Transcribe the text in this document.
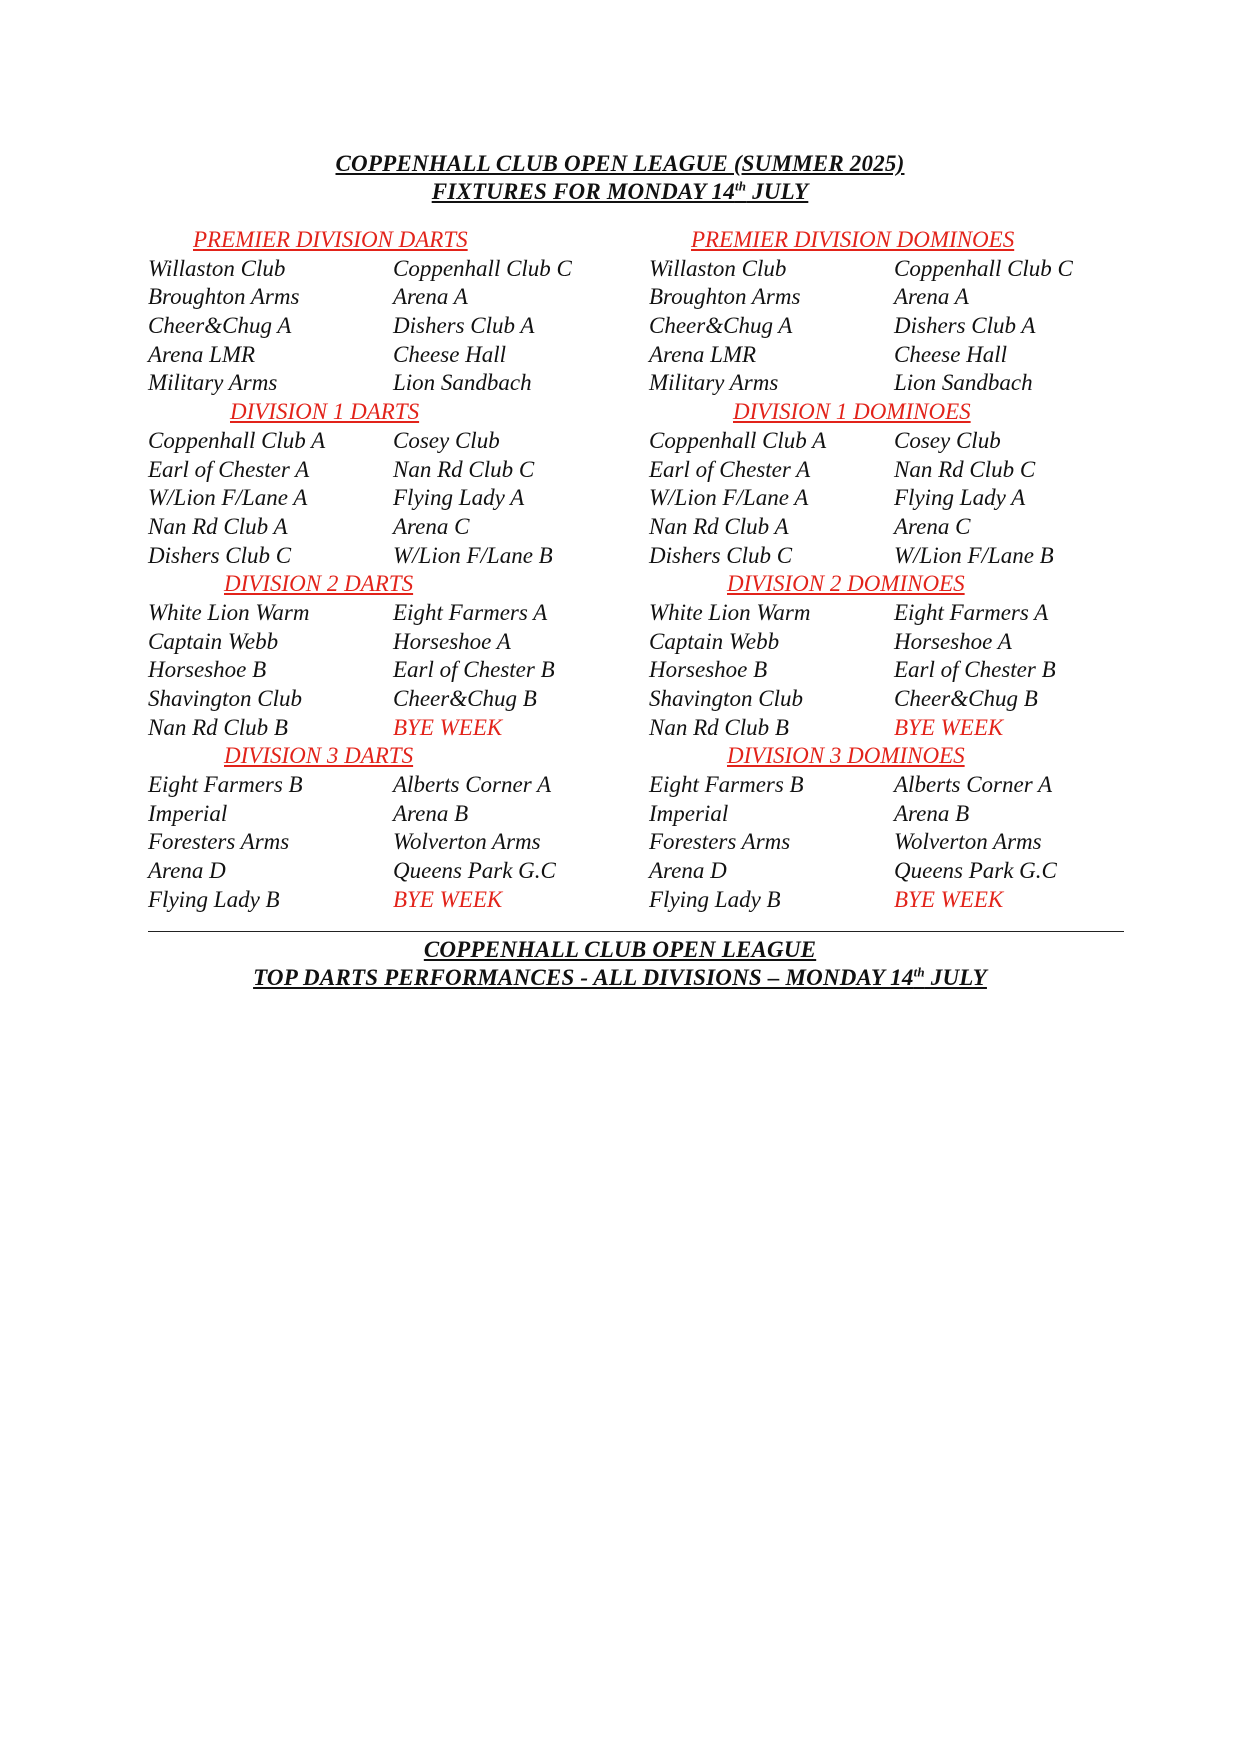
COPPENHALL CLUB OPEN LEAGUE (SUMMER 2025)
FIXTURES FOR MONDAY 14th JULY
PREMIER DIVISION DARTS
Willaston Club	Coppenhall Club C
Broughton Arms	Arena A
Cheer&Chug A	Dishers Club A
Arena LMR	Cheese Hall
Military Arms	Lion Sandbach
DIVISION 1 DARTS
Coppenhall Club A	Cosey Club
Earl of Chester A	Nan Rd Club C
W/Lion F/Lane A	Flying Lady A
Nan Rd Club A	Arena C
Dishers Club C	W/Lion F/Lane B
DIVISION 2 DARTS
White Lion Warm	Eight Farmers A
Captain Webb	Horseshoe A
Horseshoe B	Earl of Chester B
Shavington Club	Cheer&Chug B
Nan Rd Club B	BYE WEEK
DIVISION 3 DARTS
Eight Farmers B	Alberts Corner A
Imperial	Arena B
Foresters Arms	Wolverton Arms
Arena D	Queens Park G.C
Flying Lady B	BYE WEEK
PREMIER DIVISION DOMINOES
Willaston Club	Coppenhall Club C
Broughton Arms	Arena A
Cheer&Chug A	Dishers Club A
Arena LMR	Cheese Hall
Military Arms	Lion Sandbach
DIVISION 1 DOMINOES
Coppenhall Club A	Cosey Club
Earl of Chester A	Nan Rd Club C
W/Lion F/Lane A	Flying Lady A
Nan Rd Club A	Arena C
Dishers Club C	W/Lion F/Lane B
DIVISION 2 DOMINOES
White Lion Warm	Eight Farmers A
Captain Webb	Horseshoe A
Horseshoe B	Earl of Chester B
Shavington Club	Cheer&Chug B
Nan Rd Club B	BYE WEEK
DIVISION 3 DOMINOES
Eight Farmers B	Alberts Corner A
Imperial	Arena B
Foresters Arms	Wolverton Arms
Arena D	Queens Park G.C
Flying Lady B	BYE WEEK
COPPENHALL CLUB OPEN LEAGUE
TOP DARTS PERFORMANCES - ALL DIVISIONS – MONDAY 14th JULY
